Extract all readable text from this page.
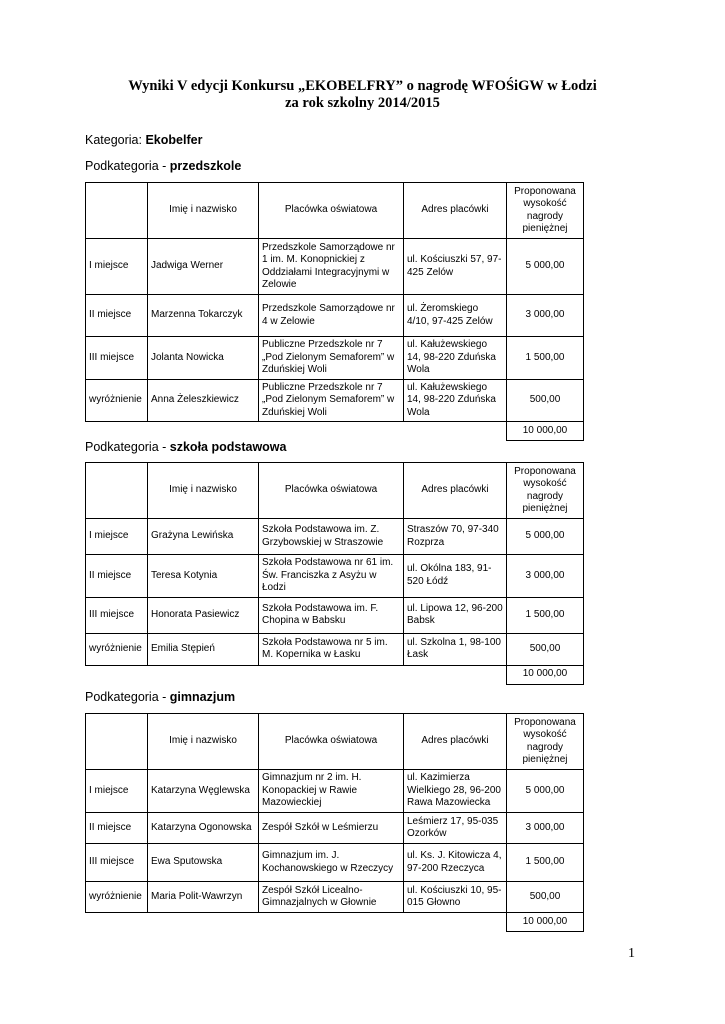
Wyniki V edycji Konkursu „EKOBELFRY” o nagrodę WFOŚiGW w Łodzi
za rok szkolny 2014/2015
Kategoria: Ekobelfer
Podkategoria - przedszkole
	Imię i nazwisko	Placówka oświatowa	Adres placówki	Proponowana wysokość nagrody pieniężnej
I miejsce	Jadwiga Werner	Przedszkole Samorządowe nr 1 im. M. Konopnickiej z Oddziałami Integracyjnymi w Zelowie	ul. Kościuszki 57, 97-425 Zelów	5 000,00
II miejsce	Marzenna Tokarczyk	Przedszkole Samorządowe nr 4 w Zelowie	ul. Żeromskiego 4/10, 97-425 Zelów	3 000,00
III miejsce	Jolanta Nowicka	Publiczne Przedszkole nr 7 „Pod Zielonym Semaforem” w Zduńskiej Woli	ul. Kałużewskiego 14, 98-220 Zduńska Wola	1 500,00
wyróżnienie	Anna Żeleszkiewicz	Publiczne Przedszkole nr 7 „Pod Zielonym Semaforem” w Zduńskiej Woli	ul. Kałużewskiego 14, 98-220 Zduńska Wola	500,00
				10 000,00
Podkategoria - szkoła podstawowa
	Imię i nazwisko	Placówka oświatowa	Adres placówki	Proponowana wysokość nagrody pieniężnej
I miejsce	Grażyna Lewińska	Szkoła Podstawowa im. Z. Grzybowskiej w Straszowie	Straszów 70, 97-340 Rozprza	5 000,00
II miejsce	Teresa Kotynia	Szkoła Podstawowa nr 61 im. Św. Franciszka z Asyżu w Łodzi	ul. Okólna 183, 91-520 Łódź	3 000,00
III miejsce	Honorata Pasiewicz	Szkoła Podstawowa im. F. Chopina w Babsku	ul. Lipowa 12, 96-200 Babsk	1 500,00
wyróżnienie	Emilia Stępień	Szkoła Podstawowa nr 5 im. M. Kopernika w Łasku	ul. Szkolna 1, 98-100 Łask	500,00
				10 000,00
Podkategoria - gimnazjum
	Imię i nazwisko	Placówka oświatowa	Adres placówki	Proponowana wysokość nagrody pieniężnej
I miejsce	Katarzyna Węglewska	Gimnazjum nr 2 im. H. Konopackiej w Rawie Mazowieckiej	ul. Kazimierza Wielkiego 28, 96-200 Rawa Mazowiecka	5 000,00
II miejsce	Katarzyna Ogonowska	Zespół Szkół w Leśmierzu	Leśmierz 17, 95-035 Ozorków	3 000,00
III miejsce	Ewa Sputowska	Gimnazjum im. J. Kochanowskiego w Rzeczycy	ul. Ks. J. Kitowicza 4, 97-200 Rzeczyca	1 500,00
wyróżnienie	Maria Polit-Wawrzyn	Zespół Szkół Licealno-Gimnazjalnych w Głownie	ul. Kościuszki 10, 95-015 Głowno	500,00
				10 000,00
1
